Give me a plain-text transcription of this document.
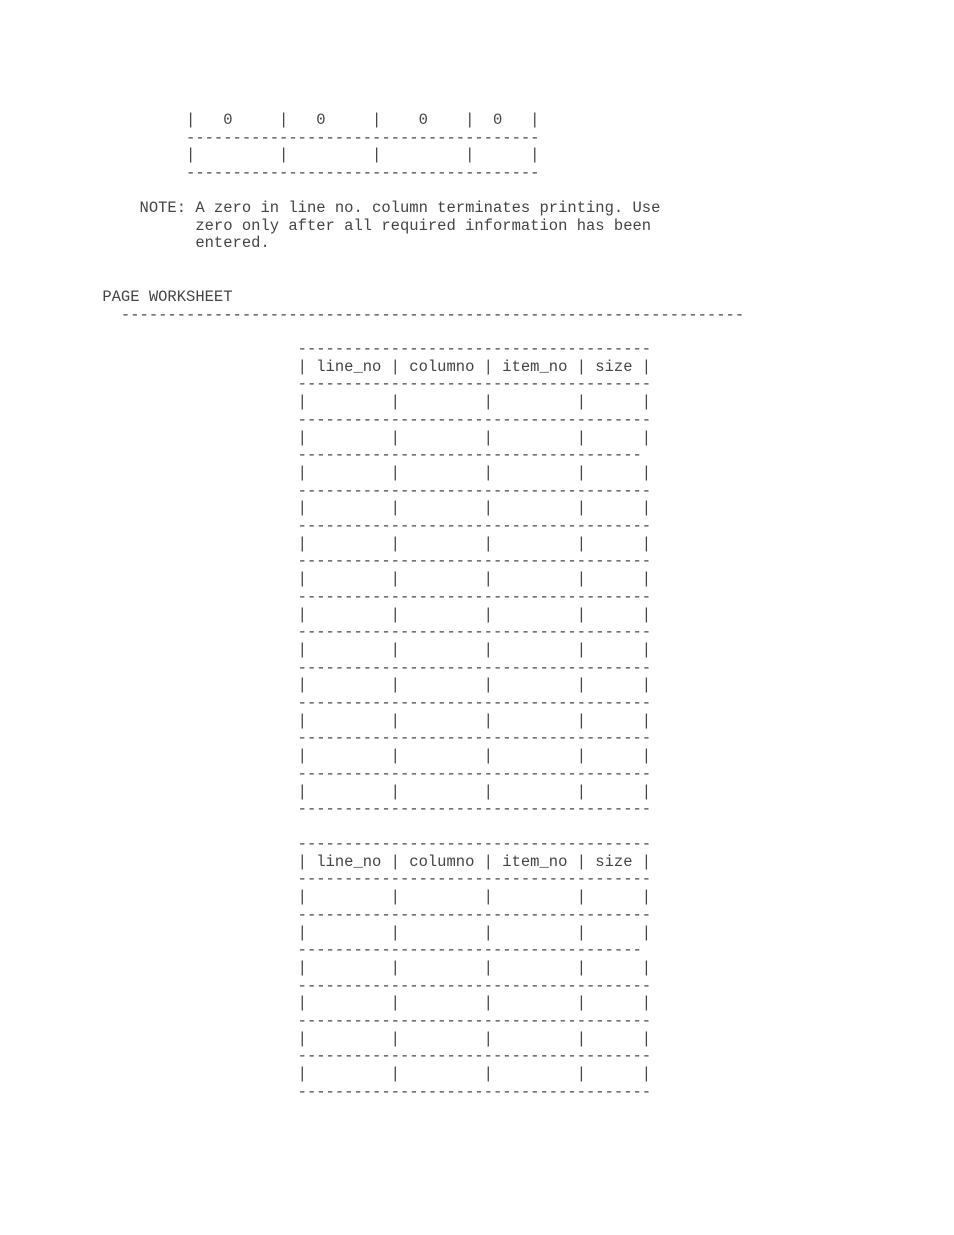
|   0     |   0     |    0    |  0   |
--------------------------------------
|         |         |         |      |
--------------------------------------
NOTE: A zero in line no. column terminates printing. Use
zero only after all required information has been
entered.
PAGE WORKSHEET
-------------------------------------------------------------------
--------------------------------------
| line_no | columno | item_no | size |
--------------------------------------
|         |         |         |      |
--------------------------------------
|         |         |         |      |
-------------------------------------
|         |         |         |      |
--------------------------------------
|         |         |         |      |
--------------------------------------
|         |         |         |      |
--------------------------------------
|         |         |         |      |
--------------------------------------
|         |         |         |      |
--------------------------------------
|         |         |         |      |
--------------------------------------
|         |         |         |      |
--------------------------------------
|         |         |         |      |
--------------------------------------
|         |         |         |      |
--------------------------------------
|         |         |         |      |
--------------------------------------
--------------------------------------
| line_no | columno | item_no | size |
--------------------------------------
|         |         |         |      |
--------------------------------------
|         |         |         |      |
-------------------------------------
|         |         |         |      |
--------------------------------------
|         |         |         |      |
--------------------------------------
|         |         |         |      |
--------------------------------------
|         |         |         |      |
--------------------------------------
